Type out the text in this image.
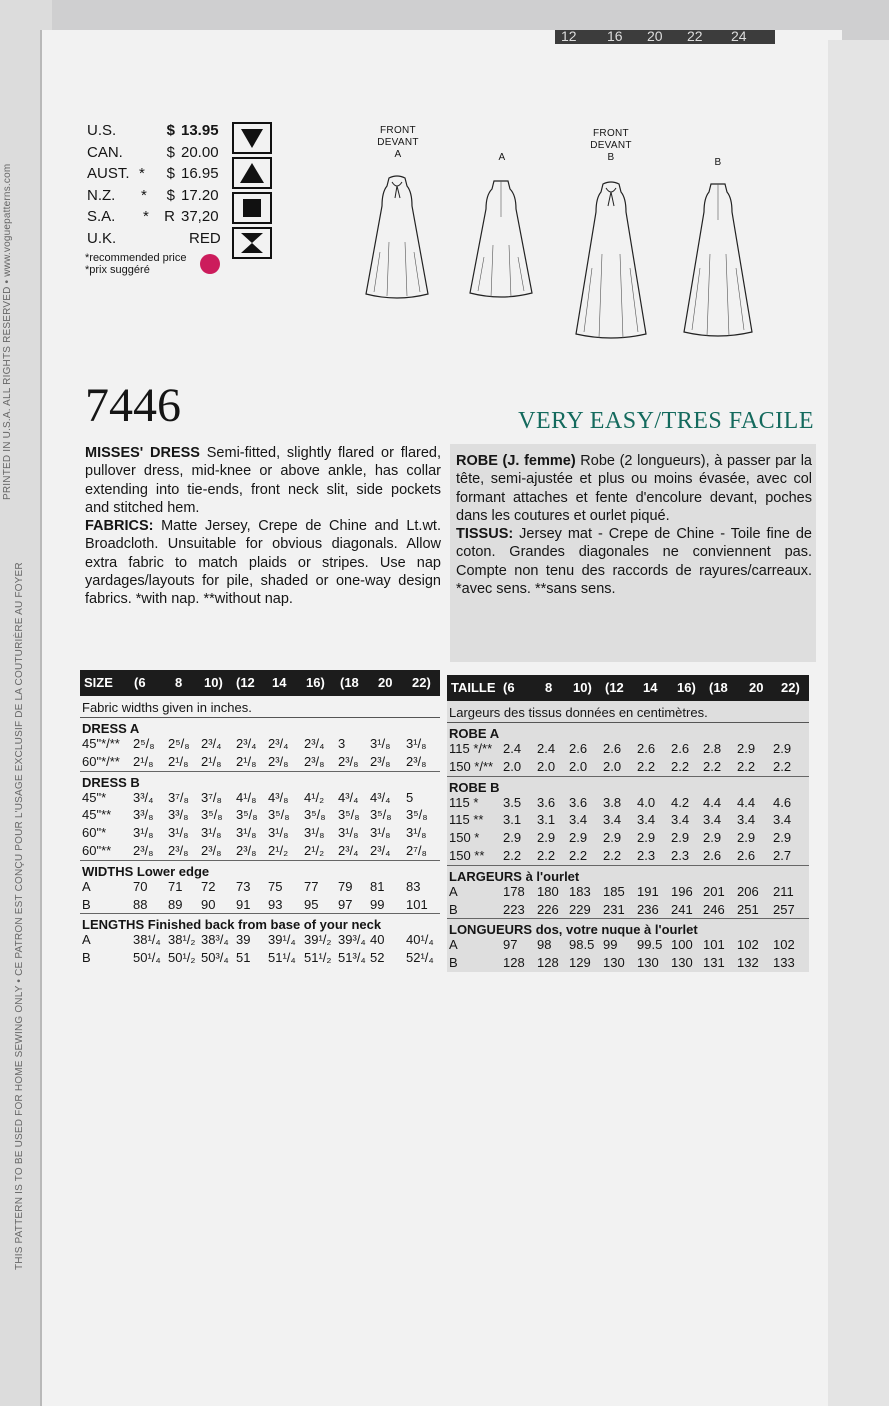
12 16 20 22 24
THIS PATTERN IS TO BE USED FOR HOME SEWING ONLY • CE PATRON EST CONÇU POUR L'USAGE EXCLUSIF DE LA COUTURIÈRE AU FOYER
PRINTED IN U.S.A. ALL RIGHTS RESERVED • www.voguepatterns.com
U.S.	$ 13.95
CAN.	$ 20.00
AUST. *	$ 16.95
N.Z. *	$ 17.20
S.A. * R 37,20
U.K.	RED
*recommended price
*prix suggéré
FRONT
DEVANT
A	A
FRONT
DEVANT
B	B
7446	VERY EASY/TRES FACILE

MISSES' DRESS Semi-fitted, slightly flared or flared, pullover dress, mid-knee or above ankle, has collar extending into tie-ends, front neck slit, side pockets and stitched hem.

FABRICS: Matte Jersey, Crepe de Chine and Lt.wt. Broadcloth. Unsuitable for obvious diagonals. Allow extra fabric to match plaids or stripes. Use nap yardages/layouts for pile, shaded or one-way design fabrics. *with nap. **without nap.

ROBE (J. femme) Robe (2 longueurs), à passer par la tête, semi-ajustée et plus ou moins évasée, avec col formant attaches et fente d'encolure devant, poches dans les coutures et ourlet piqué.

TISSUS: Jersey mat - Crepe de Chine - Toile fine de coton. Grandes diagonales ne conviennent pas. Compte non tenu des raccords de rayures/carreaux. *avec sens. **sans sens.

SIZE (6 8 10) (12 14 16) (18 20 22)
Fabric widths given in inches.
DRESS A
45"*/** 2⁵/₈ 2⁵/₈ 2³/₄ 2³/₄ 2³/₄ 2³/₄ 3 3¹/₈ 3¹/₈
60"*/** 2¹/₈ 2¹/₈ 2¹/₈ 2¹/₈ 2³/₈ 2³/₈ 2³/₈ 2³/₈ 2³/₈
DRESS B
45"* 3³/₄ 3⁷/₈ 3⁷/₈ 4¹/₈ 4³/₈ 4¹/₂ 4³/₄ 4³/₄ 5
45"** 3³/₈ 3³/₈ 3⁵/₈ 3⁵/₈ 3⁵/₈ 3⁵/₈ 3⁵/₈ 3⁵/₈ 3⁵/₈
60"* 3¹/₈ 3¹/₈ 3¹/₈ 3¹/₈ 3¹/₈ 3¹/₈ 3¹/₈ 3¹/₈ 3¹/₈
60"** 2³/₈ 2³/₈ 2³/₈ 2³/₈ 2¹/₂ 2¹/₂ 2³/₄ 2³/₄ 2⁷/₈
WIDTHS Lower edge
A	70 71 72 73 75 77 79 81 83
B	88 89 90 91 93 95 97 99 101
LENGTHS Finished back from base of your neck
A	38¹/₄ 38¹/₂ 38³/₄ 39 39¹/₄ 39¹/₂ 39³/₄ 40 40¹/₄
B	50¹/₄ 50¹/₂ 50³/₄ 51 51¹/₄ 51¹/₂ 51³/₄ 52 52¹/₄
TAILLE (6 8 10) (12 14 16) (18 20 22)
Largeurs des tissus données en centimètres.
ROBE A
115 */** 2.4 2.4 2.6 2.6 2.6 2.6 2.8 2.9 2.9
150 */** 2.0 2.0 2.0 2.0 2.2 2.2 2.2 2.2 2.2
ROBE B
115 * 3.5 3.6 3.6 3.8 4.0 4.2 4.4 4.4 4.6
115 ** 3.1 3.1 3.4 3.4 3.4 3.4 3.4 3.4 3.4
150 * 2.9 2.9 2.9 2.9 2.9 2.9 2.9 2.9 2.9
150 ** 2.2 2.2 2.2 2.2 2.3 2.3 2.6 2.6 2.7
LARGEURS à l'ourlet
A	178 180 183 185 191 196 201 206 211
B	223 226 229 231 236 241 246 251 257
LONGUEURS dos, votre nuque à l'ourlet
A	97 98 98.5 99 99.5 100 101 102 102
B	128 128 129 130 130 130 131 132 133
